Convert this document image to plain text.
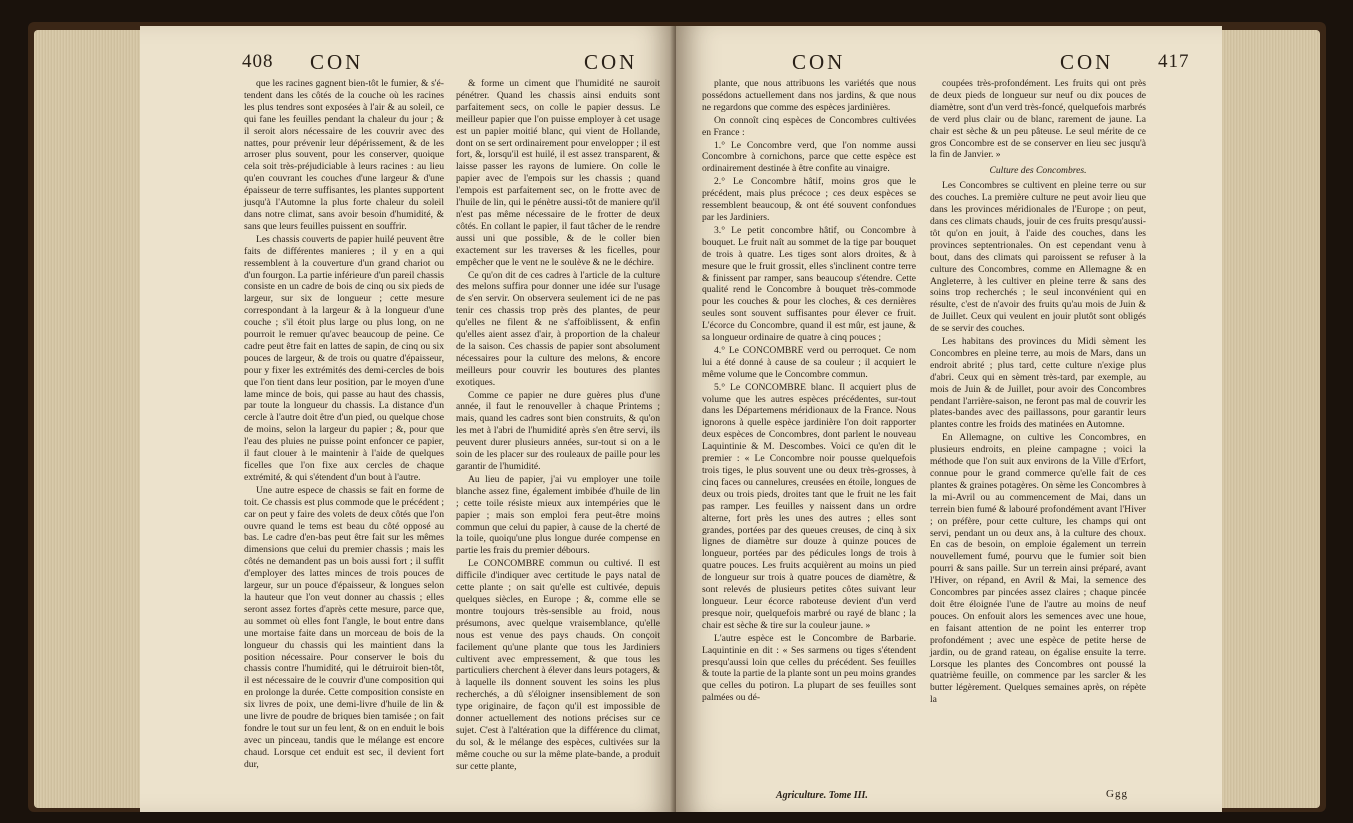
408 CON	CON

que les racines gagnent bien-tôt le fumier, & s'é-tendent dans les côtés de la couche où les racines les plus tendres sont exposées à l'air & au soleil, ce qui fane les feuilles pendant la chaleur du jour ; & il seroit alors nécessaire de les couvrir avec des nattes, pour prévenir leur dépérissement, & de les arroser plus souvent, pour les conserver, quoique cela soit très-préjudiciable à leurs racines : au lieu qu'en couvrant les couches d'une largeur & d'une épaisseur de terre suffisantes, les plantes supportent jusqu'à l'Automne la plus forte chaleur du soleil dans notre climat, sans avoir besoin d'humidité, & sans que leurs feuilles puissent en souffrir.

Les chassis couverts de papier huilé peuvent être faits de différentes manieres ; il y en a qui ressemblent à la couverture d'un grand chariot ou d'un fourgon. La partie inférieure d'un pareil chassis consiste en un cadre de bois de cinq ou six pieds de largeur, sur six de longueur ; cette mesure correspondant à la largeur & à la longueur d'une couche ; s'il étoit plus large ou plus long, on ne pourroit le remuer qu'avec beaucoup de peine. Ce cadre peut être fait en lattes de sapin, de cinq ou six pouces de largeur, & de trois ou quatre d'épaisseur, pour y fixer les extrémités des demi-cercles de bois que l'on tient dans leur position, par le moyen d'une lame mince de bois, qui passe au haut des chassis, par toute la longueur du chassis. La distance d'un cercle à l'autre doit être d'un pied, ou quelque chose de moins, selon la largeur du papier ; &, pour que l'eau des pluies ne puisse point enfoncer ce papier, il faut clouer à le maintenir à l'aide de quelques ficelles que l'on fixe aux cercles de chaque extrémité, & qui s'étendent d'un bout à l'autre.

Une autre espece de chassis se fait en forme de toit. Ce chassis est plus commode que le précédent ; car on peut y faire des volets de deux côtés que l'on ouvre quand le tems est beau du côté opposé au bas. Le cadre d'en-bas peut être fait sur les mêmes dimensions que celui du premier chassis ; mais les côtés ne demandent pas un bois aussi fort ; il suffit d'employer des lattes minces de trois pouces de largeur, sur un pouce d'épaisseur, & longues selon la hauteur que l'on veut donner au chassis ; elles seront assez fortes d'après cette mesure, parce que, au sommet où elles font l'angle, le bout entre dans une mortaise faite dans un morceau de bois de la longueur du chassis qui les maintient dans la position nécessaire. Pour conserver le bois du chassis contre l'humidité, qui le détruiroit bien-tôt, il est nécessaire de le couvrir d'une composition qui en prolonge la durée. Cette composition consiste en six livres de poix, une demi-livre d'huile de lin & une livre de poudre de briques bien tamisée ; on fait fondre le tout sur un feu lent, & on en enduit le bois avec un pinceau, tandis que le mélange est encore chaud. Lorsque cet enduit est sec, il devient fort dur,

& forme un ciment que l'humidité ne sauroit pénétrer. Quand les chassis ainsi enduits sont parfaitement secs, on colle le papier dessus. Le meilleur papier que l'on puisse employer à cet usage est un papier moitié blanc, qui vient de Hollande, dont on se sert ordinairement pour envelopper ; il est fort, &, lorsqu'il est huilé, il est assez transparent, & laisse passer les rayons de lumiere. On colle le papier avec de l'empois sur les chassis ; quand l'empois est parfaitement sec, on le frotte avec de l'huile de lin, qui le pénètre aussi-tôt de maniere qu'il n'est pas même nécessaire de le frotter de deux côtés. En collant le papier, il faut tâcher de le rendre aussi uni que possible, & de le coller bien exactement sur les traverses & les ficelles, pour empêcher que le vent ne le soulève & ne le déchire.

Ce qu'on dit de ces cadres à l'article de la culture des melons suffira pour donner une idée sur l'usage de s'en servir. On observera seulement ici de ne pas tenir ces chassis trop près des plantes, de peur qu'elles ne filent & ne s'affoiblissent, & enfin qu'elles aient assez d'air, à proportion de la chaleur de la saison. Ces chassis de papier sont absolument nécessaires pour la culture des melons, & encore meilleurs pour couvrir les boutures des plantes exotiques.

Comme ce papier ne dure guères plus d'une année, il faut le renouveller à chaque Printems ; mais, quand les cadres sont bien construits, & qu'on les met à l'abri de l'humidité après s'en être servi, ils peuvent durer plusieurs années, sur-tout si on a le soin de les placer sur des rouleaux de paille pour les garantir de l'humidité.

Au lieu de papier, j'ai vu employer une toile blanche assez fine, également imbibée d'huile de lin ; cette toile résiste mieux aux intempéries que le papier ; mais son emploi fera peut-être moins commun que celui du papier, à cause de la cherté de la toile, quoiqu'une plus longue durée compense en partie les frais du premier débours.

Le CONCOMBRE commun ou cultivé. Il est difficile d'indiquer avec certitude le pays natal de cette plante ; on sait qu'elle est cultivée, depuis quelques siècles, en Europe ; &, comme elle se montre toujours très-sensible au froid, nous présumons, avec quelque vraisemblance, qu'elle nous est venue des pays chauds. On conçoit facilement qu'une plante que tous les Jardiniers cultivent avec empressement, & que tous les particuliers cherchent à élever dans leurs potagers, & à laquelle ils donnent souvent les soins les plus recherchés, a dû s'éloigner insensiblement de son type originaire, de façon qu'il est impossible de donner actuellement des notions précises sur ce sujet. C'est à l'altération que la différence du climat, du sol, & le mélange des espèces, cultivées sur la même couche ou sur la même plate-bande, a produit sur cette plante,

CON	CON 417

plante, que nous attribuons les variétés que nous possédons actuellement dans nos jardins, & que nous ne regardons que comme des espèces jardinières.

On connoît cinq espèces de Concombres cultivées en France :

1.° Le Concombre verd, que l'on nomme aussi Concombre à cornichons, parce que cette espèce est ordinairement destinée à être confite au vinaigre.

2.° Le Concombre hâtif, moins gros que le précédent, mais plus précoce ; ces deux espèces se ressemblent beaucoup, & ont été souvent confondues par les Jardiniers.

3.° Le petit concombre hâtif, ou Concombre à bouquet. Le fruit naît au sommet de la tige par bouquet de trois à quatre. Les tiges sont alors droites, & à mesure que le fruit grossit, elles s'inclinent contre terre & finissent par ramper, sans beaucoup s'étendre. Cette qualité rend le Concombre à bouquet très-commode pour les couches & pour les cloches, & ces dernières seules sont souvent suffisantes pour élever ce fruit. L'écorce du Concombre, quand il est mûr, est jaune, & sa longueur ordinaire de quatre à cinq pouces ;

4.° Le CONCOMBRE verd ou perroquet. Ce nom lui a été donné à cause de sa couleur ; il acquiert le même volume que le Concombre commun.

5.° Le CONCOMBRE blanc. Il acquiert plus de volume que les autres espèces précédentes, sur-tout dans les Départemens méridionaux de la France. Nous ignorons à quelle espèce jardinière l'on doit rapporter deux espèces de Concombres, dont parlent le nouveau Laquintinie & M. Descombes. Voici ce qu'en dit le premier : « Le Concombre noir pousse quelquefois trois tiges, le plus souvent une ou deux très-grosses, à cinq faces ou cannelures, creusées en étoile, longues de deux ou trois pieds, droites tant que le fruit ne les fait pas ramper. Les feuilles y naissent dans un ordre alterne, fort près les unes des autres ; elles sont grandes, portées par des queues creuses, de cinq à six lignes de diamètre sur douze à quinze pouces de longueur, portées par des pédicules longs de trois à quatre pouces. Les fruits acquièrent au moins un pied de longueur sur trois à quatre pouces de diamètre, & sont relevés de plusieurs petites côtes suivant leur longueur. Leur écorce raboteuse devient d'un verd presque noir, quelquefois marbré ou rayé de blanc ; la chair est sèche & tire sur la couleur jaune. »

L'autre espèce est le Concombre de Barbarie. Laquintinie en dit : « Ses sarmens ou tiges s'étendent presqu'aussi loin que celles du précédent. Ses feuilles & toute la partie de la plante sont un peu moins grandes que celles du potiron. La plupart de ses feuilles sont palmées ou dé-

coupées très-profondément. Les fruits qui ont près de deux pieds de longueur sur neuf ou dix pouces de diamètre, sont d'un verd très-foncé, quelquefois marbrés de verd plus clair ou de blanc, rarement de jaune. La chair est sèche & un peu pâteuse. Le seul mérite de ce gros Concombre est de se conserver en lieu sec jusqu'à la fin de Janvier. »

Culture des Concombres.

Les Concombres se cultivent en pleine terre ou sur des couches. La première culture ne peut avoir lieu que dans les provinces méridionales de l'Europe ; on peut, dans ces climats chauds, jouir de ces fruits presqu'aussi-tôt qu'on en jouit, à l'aide des couches, dans les provinces septentrionales. On est cependant venu à bout, dans des climats qui paroissent se refuser à la culture des Concombres, comme en Allemagne & en Angleterre, à les cultiver en pleine terre & sans des soins trop recherchés ; le seul inconvénient qui en résulte, c'est de n'avoir des fruits qu'au mois de Juin & de Juillet. Ceux qui veulent en jouir plutôt sont obligés de se servir des couches.

Les habitans des provinces du Midi sèment les Concombres en pleine terre, au mois de Mars, dans un endroit abrité ; plus tard, cette culture n'exige plus d'abri. Ceux qui en sèment très-tard, par exemple, au mois de Juin & de Juillet, pour avoir des Concombres pendant l'arrière-saison, ne feront pas mal de couvrir les plates-bandes avec des paillassons, pour garantir leurs plantes contre les froids des matinées en Automne.

En Allemagne, on cultive les Concombres, en plusieurs endroits, en pleine campagne ; voici la méthode que l'on suit aux environs de la Ville d'Erfort, connue pour le grand commerce qu'elle fait de ces plantes & graines potagères. On sème les Concombres à la mi-Avril ou au commencement de Mai, dans un terrein bien fumé & labouré profondément avant l'Hiver ; on préfère, pour cette culture, les champs qui ont servi, pendant un ou deux ans, à la culture des choux. En cas de besoin, on emploie également un terrein nouvellement fumé, pourvu que le fumier soit bien pourri & sans paille. Sur un terrein ainsi préparé, avant l'Hiver, on répand, en Avril & Mai, la semence des Concombres par pincées assez claires ; chaque pincée doit être éloignée l'une de l'autre au moins de neuf pouces. On enfouit alors les semences avec une houe, en faisant attention de ne point les enterrer trop profondément ; avec une espèce de petite herse de jardin, ou de grand rateau, on égalise ensuite la terre. Lorsque les plantes des Concombres ont poussé la quatrième feuille, on commence par les sarcler & les butter légèrement. Quelques semaines après, on répète la

Agriculture. Tome III.	Ggg
